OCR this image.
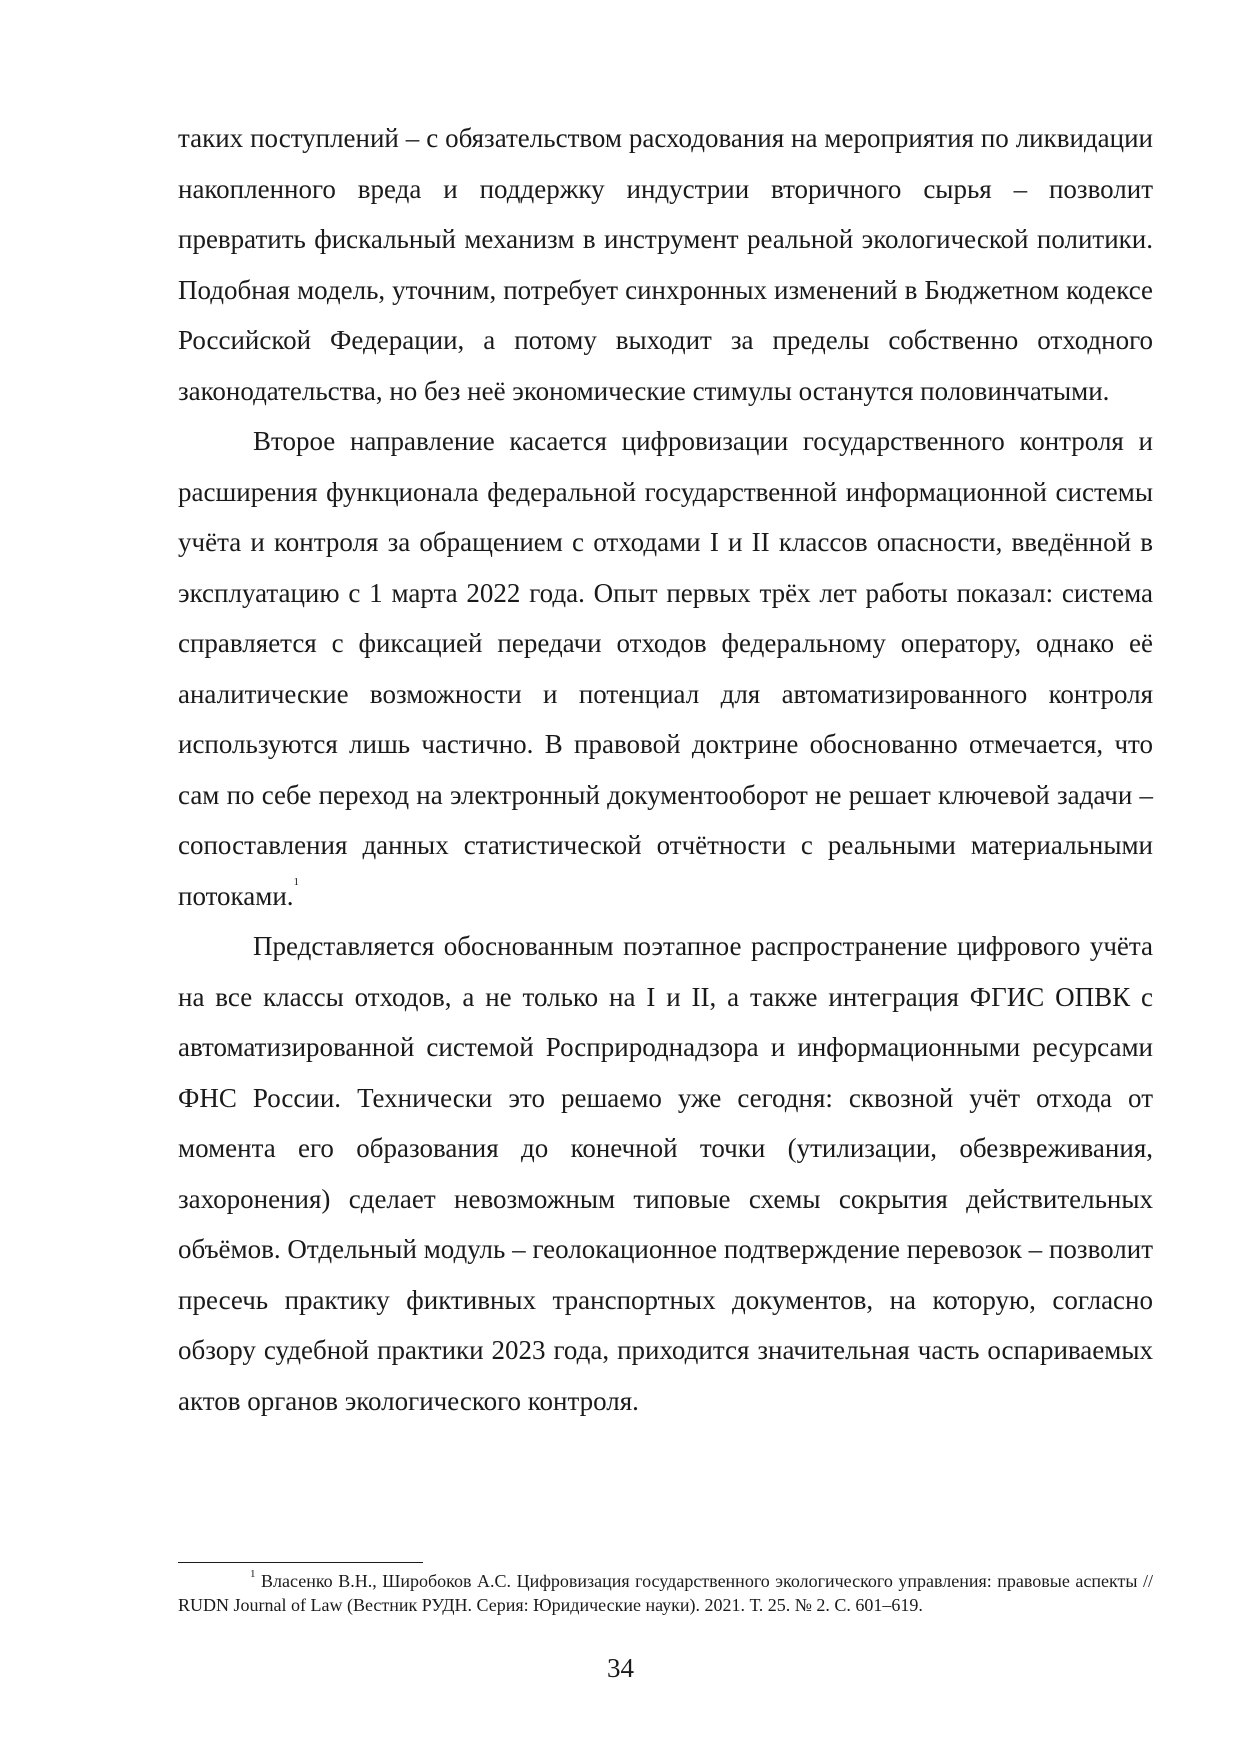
таких поступлений – с обязательством расходования на мероприятия по ликвидации накопленного вреда и поддержку индустрии вторичного сырья – позволит превратить фискальный механизм в инструмент реальной экологической политики. Подобная модель, уточним, потребует синхронных изменений в Бюджетном кодексе Российской Федерации, а потому выходит за пределы собственно отходного законодательства, но без неё экономические стимулы останутся половинчатыми.

Второе направление касается цифровизации государственного контроля и расширения функционала федеральной государственной информационной системы учёта и контроля за обращением с отходами I и II классов опасности, введённой в эксплуатацию с 1 марта 2022 года. Опыт первых трёх лет работы показал: система справляется с фиксацией передачи отходов федеральному оператору, однако её аналитические возможности и потенциал для автоматизированного контроля используются лишь частично. В правовой доктрине обоснованно отмечается, что сам по себе переход на электронный документооборот не решает ключевой задачи – сопоставления данных статистической отчётности с реальными материальными потоками.$^1$

Представляется обоснованным поэтапное распространение цифрового учёта на все классы отходов, а не только на I и II, а также интеграция ФГИС ОПВК с автоматизированной системой Росприроднадзора и информационными ресурсами ФНС России. Технически это решаемо уже сегодня: сквозной учёт отхода от момента его образования до конечной точки (утилизации, обезвреживания, захоронения) сделает невозможным типовые схемы сокрытия действительных объёмов. Отдельный модуль – геолокационное подтверждение перевозок – позволит пресечь практику фиктивных транспортных документов, на которую, согласно обзору судебной практики 2023 года, приходится значительная часть оспариваемых актов органов экологического контроля.

$^1$ Власенко В.Н., Широбоков А.С. Цифровизация государственного экологического управления: правовые аспекты // RUDN Journal of Law (Вестник РУДН. Серия: Юридические науки). 2021. Т. 25. № 2. С. 601–619.
34
